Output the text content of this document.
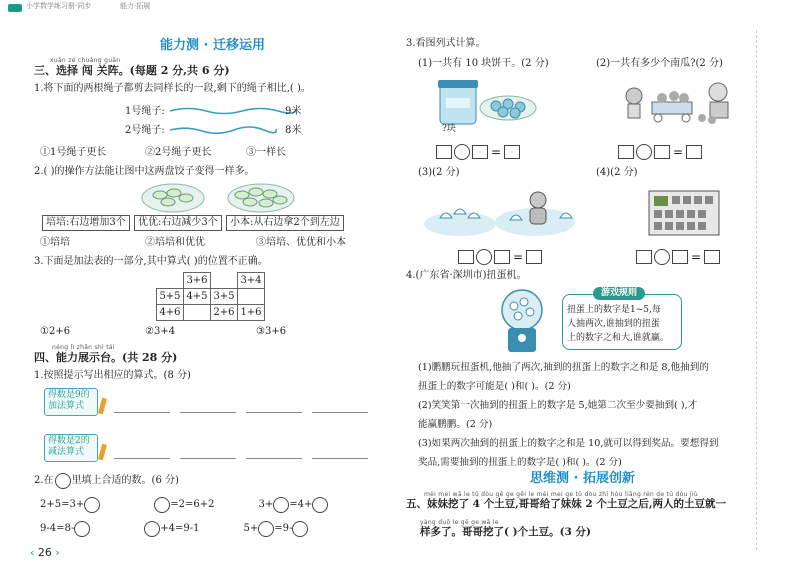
小学数学练习册·同步	能力·拓展
能力测 · 迁移运用
xuǎn zé chuǎng guān
三、选择 闯 关阵。(每题 2 分,共 6 分)
1.将下面的两根绳子都剪去同样长的一段,剩下的绳子相比,( )。
1号绳子:	9米
2号绳子:	8米
①1号绳子更长	②2号绳子更长	③一样长
2.( )的操作方法能让图中这两盘饺子变得一样多。
培培:右边增加3个	优优:右边减少3个	小本:从右边拿2个到左边
①培培	②培培和优优	③培培、优优和小本
3.下面是加法表的一部分,其中算式( )的位置不正确。
	3+6		3+4
5+5	4+5	3+5	
4+6		2+6	1+6
①2+6	②3+4	③3+6
néng lì zhǎn shì tái
四、能力展示台。(共 28 分)
1.按照提示写出相应的算式。(8 分)
得数是9的
加法算式
得数是2的
减法算式
2.在 里填上合适的数。(6 分)
2+5=3+	=2=6+2	3+ =4+
9-4=8-	+4=9-1	5+ =9-
‹ 26 ›
3.看图列式计算。
(1)一共有 10 块饼干。(2 分)	(2)一共有多少个南瓜?(2 分)
?块
=	=
(3)(2 分)	(4)(2 分)
=	=
4.(广东省·深圳市)扭蛋机。
游戏规则
扭蛋上的数字是1~5,每
人抽两次,谁抽到的扭蛋
上的数字之和大,谁就赢。
(1)鹏鹏玩扭蛋机,他抽了两次,抽到的扭蛋上的数字之和是 8,他抽到的
扭蛋上的数字可能是( )和( )。(2 分)
(2)笑笑第一次抽到的扭蛋上的数字是 5,她第二次至少要抽到( ),才
能赢鹏鹏。(2 分)
(3)如果两次抽到的扭蛋上的数字之和是 10,就可以得到奖品。要想得到
奖品,需要抽到的扭蛋上的数字是( )和( )。(2 分)
思维测 · 拓展创新
mèi mei wā le tǔ dòu gē ge gěi le mèi mei ge tǔ dòu zhī hòu liǎng rén de tǔ dòu jiù
五、妹妹挖了 4 个土豆,哥哥给了妹妹 2 个土豆之后,两人的土豆就一
yàng duō le gē ge wā le
样多了。哥哥挖了( )个土豆。(3 分)
